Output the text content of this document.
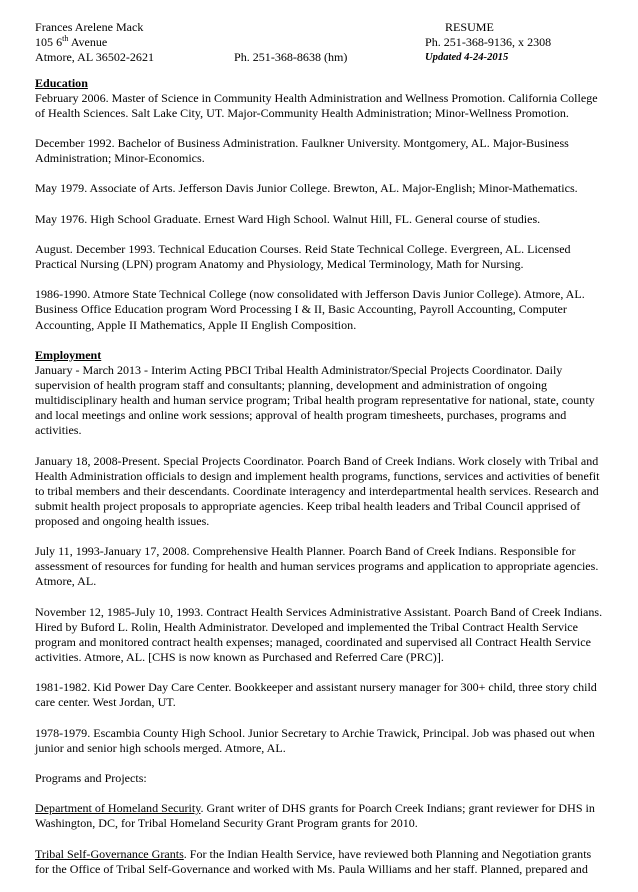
Frances Arelene Mack	RESUME
105 6th Avenue	Ph. 251-368-9136, x 2308
Atmore, AL 36502-2621	Ph. 251-368-8638 (hm)	Updated 4-24-2015

Education

February 2006. Master of Science in Community Health Administration and Wellness Promotion. California College of Health Sciences. Salt Lake City, UT. Major-Community Health Administration; Minor-Wellness Promotion.

December 1992. Bachelor of Business Administration. Faulkner University. Montgomery, AL. Major-Business Administration; Minor-Economics.

May 1979. Associate of Arts. Jefferson Davis Junior College. Brewton, AL. Major-English; Minor-Mathematics.

May 1976. High School Graduate. Ernest Ward High School. Walnut Hill, FL. General course of studies.

August. December 1993. Technical Education Courses. Reid State Technical College. Evergreen, AL. Licensed Practical Nursing (LPN) program Anatomy and Physiology, Medical Terminology, Math for Nursing.

1986-1990. Atmore State Technical College (now consolidated with Jefferson Davis Junior College). Atmore, AL. Business Office Education program Word Processing I & II, Basic Accounting, Payroll Accounting, Computer Accounting, Apple II Mathematics, Apple II English Composition.

Employment

January - March 2013 - Interim Acting PBCI Tribal Health Administrator/Special Projects Coordinator. Daily supervision of health program staff and consultants; planning, development and administration of ongoing multidisciplinary health and human service program; Tribal health program representative for national, state, county and local meetings and online work sessions; approval of health program timesheets, purchases, programs and activities.

January 18, 2008-Present. Special Projects Coordinator. Poarch Band of Creek Indians. Work closely with Tribal and Health Administration officials to design and implement health programs, functions, services and activities of benefit to tribal members and their descendants. Coordinate interagency and interdepartmental health services. Research and submit health project proposals to appropriate agencies. Keep tribal health leaders and Tribal Council apprised of proposed and ongoing health issues.

July 11, 1993-January 17, 2008. Comprehensive Health Planner. Poarch Band of Creek Indians. Responsible for assessment of resources for funding for health and human services programs and application to appropriate agencies. Atmore, AL.

November 12, 1985-July 10, 1993. Contract Health Services Administrative Assistant. Poarch Band of Creek Indians. Hired by Buford L. Rolin, Health Administrator. Developed and implemented the Tribal Contract Health Service program and monitored contract health expenses; managed, coordinated and supervised all Contract Health Service activities. Atmore, AL. [CHS is now known as Purchased and Referred Care (PRC)].

1981-1982. Kid Power Day Care Center. Bookkeeper and assistant nursery manager for 300+ child, three story child care center. West Jordan, UT.

1978-1979. Escambia County High School. Junior Secretary to Archie Trawick, Principal. Job was phased out when junior and senior high schools merged. Atmore, AL.

Programs and Projects:

Department of Homeland Security. Grant writer of DHS grants for Poarch Creek Indians; grant reviewer for DHS in Washington, DC, for Tribal Homeland Security Grant Program grants for 2010.

Tribal Self-Governance Grants. For the Indian Health Service, have reviewed both Planning and Negotiation grants for the Office of Tribal Self-Governance and worked with Ms. Paula Williams and her staff. Planned, prepared and
